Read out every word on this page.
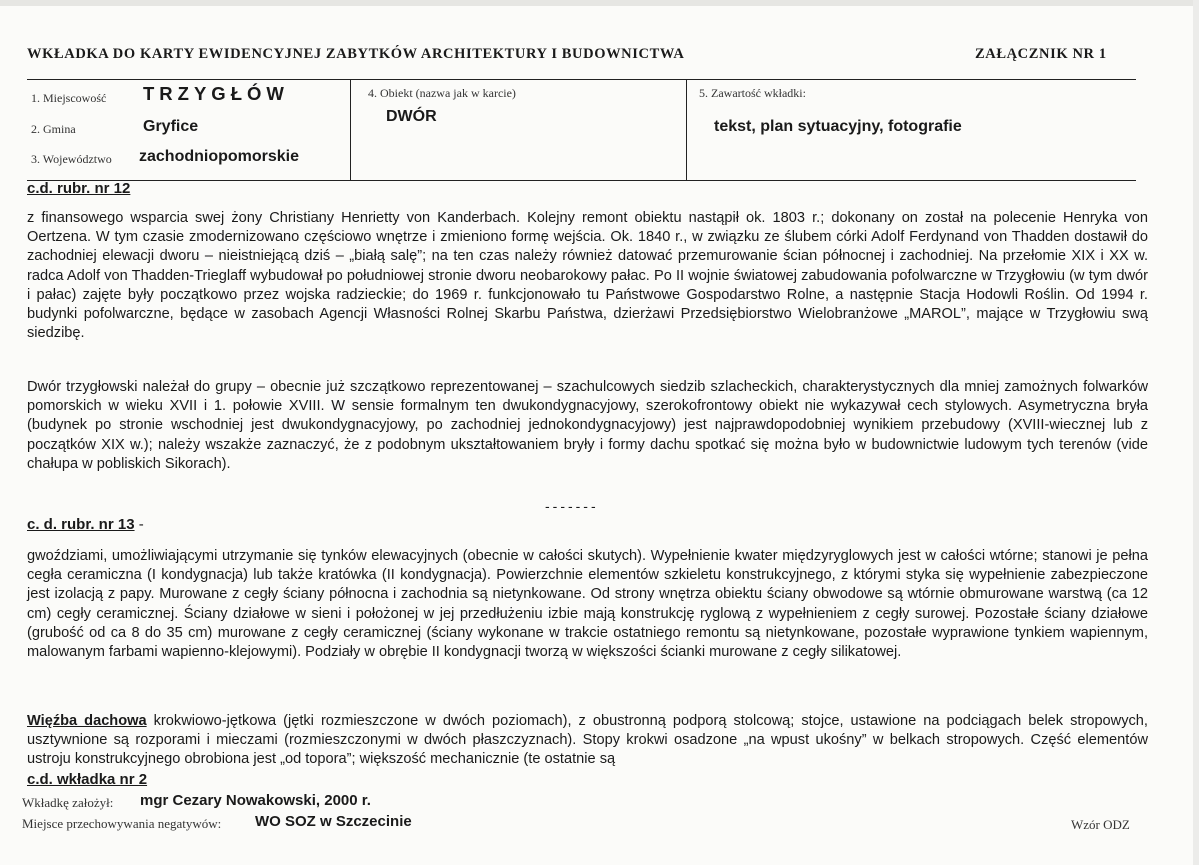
WKŁADKA DO KARTY EWIDENCYJNEJ ZABYTKÓW ARCHITEKTURY I BUDOWNICTWA	ZAŁĄCZNIK NR 1
1. Miejscowość TRZYGŁÓW
2. Gmina	Gryfice
3. Województwo zachodniopomorskie
4. Obiekt (nazwa jak w karcie)
DWÓR
5. Zawartość wkładki:
tekst, plan sytuacyjny, fotografie
c.d. rubr. nr 12

z finansowego wsparcia swej żony Christiany Henrietty von Kanderbach. Kolejny remont obiektu nastąpił ok. 1803 r.; dokonany on został na polecenie Henryka von Oertzena. W tym czasie zmodernizowano częściowo wnętrze i zmieniono formę wejścia. Ok. 1840 r., w związku ze ślubem córki Adolf Ferdynand von Thadden dostawił do zachodniej elewacji dworu – nieistniejącą dziś – „białą salę”; na ten czas należy również datować przemurowanie ścian północnej i zachodniej. Na przełomie XIX i XX w. radca Adolf von Thadden-Trieglaff wybudował po południowej stronie dworu neobarokowy pałac. Po II wojnie światowej zabudowania pofolwarczne w Trzygłowiu (w tym dwór i pałac) zajęte były początkowo przez wojska radzieckie; do 1969 r. funkcjonowało tu Państwowe Gospodarstwo Rolne, a następnie Stacja Hodowli Roślin. Od 1994 r. budynki pofolwarczne, będące w zasobach Agencji Własności Rolnej Skarbu Państwa, dzierżawi Przedsiębiorstwo Wielobranżowe „MAROL”, mające w Trzygłowiu swą siedzibę.

Dwór trzygłowski należał do grupy – obecnie już szczątkowo reprezentowanej – szachulcowych siedzib szlacheckich, charakterystycznych dla mniej zamożnych folwarków pomorskich w wieku XVII i 1. połowie XVIII. W sensie formalnym ten dwukondygnacyjowy, szerokofrontowy obiekt nie wykazywał cech stylowych. Asymetryczna bryła (budynek po stronie wschodniej jest dwukondygnacyjowy, po zachodniej jednokondygnacyjowy) jest najprawdopodobniej wynikiem przebudowy (XVIII-wiecznej lub z początków XIX w.); należy wszakże zaznaczyć, że z podobnym ukształtowaniem bryły i formy dachu spotkać się można było w budownictwie ludowym tych terenów (vide chałupa w pobliskich Sikorach).

-------
c. d. rubr. nr 13 -

gwoździami, umożliwiającymi utrzymanie się tynków elewacyjnych (obecnie w całości skutych). Wypełnienie kwater międzyryglowych jest w całości wtórne; stanowi je pełna cegła ceramiczna (I kondygnacja) lub także kratówka (II kondygnacja). Powierzchnie elementów szkieletu konstrukcyjnego, z którymi styka się wypełnienie zabezpieczone jest izolacją z papy. Murowane z cegły ściany północna i zachodnia są nietynkowane. Od strony wnętrza obiektu ściany obwodowe są wtórnie obmurowane warstwą (ca 12 cm) cegły ceramicznej. Ściany działowe w sieni i położonej w jej przedłużeniu izbie mają konstrukcję ryglową z wypełnieniem z cegły surowej. Pozostałe ściany działowe (grubość od ca 8 do 35 cm) murowane z cegły ceramicznej (ściany wykonane w trakcie ostatniego remontu są nietynkowane, pozostałe wyprawione tynkiem wapiennym, malowanym farbami wapienno-klejowymi). Podziały w obrębie II kondygnacji tworzą w większości ścianki murowane z cegły silikatowej.

Więźba dachowa krokwiowo-jętkowa (jętki rozmieszczone w dwóch poziomach), z obustronną podporą stolcową; stojce, ustawione na podciągach belek stropowych, usztywnione są rozporami i mieczami (rozmieszczonymi w dwóch płaszczyznach). Stopy krokwi osadzone „na wpust ukośny” w belkach stropowych. Część elementów ustroju konstrukcyjnego obrobiona jest „od topora”; większość mechanicznie (te ostatnie są

c.d. wkładka nr 2
Wkładkę założył: mgr Cezary Nowakowski, 2000 r.
Miejsce przechowywania negatywów: WO SOZ w Szczecinie	Wzór ODZ
